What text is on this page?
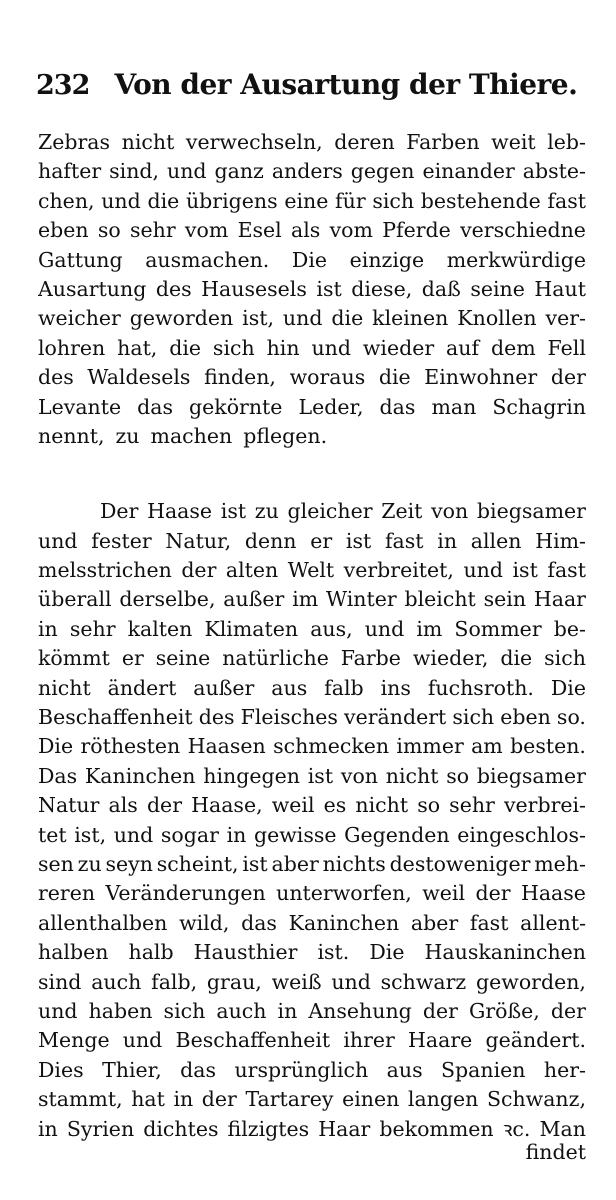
232 Von der Ausartung der Thiere.
Zebras nicht verwechseln, deren Farben weit leb-
hafter sind, und ganz anders gegen einander abste-
chen, und die übrigens eine für sich bestehende fast
eben so sehr vom Esel als vom Pferde verschiedne
Gattung ausmachen. Die einzige merkwürdige
Ausartung des Hausesels ist diese, daß seine Haut
weicher geworden ist, und die kleinen Knollen ver-
lohren hat, die sich hin und wieder auf dem Fell
des Waldesels finden, woraus die Einwohner der
Levante das gekörnte Leder, das man Schagrin
nennt, zu machen pflegen.
Der Haase ist zu gleicher Zeit von biegsamer
und fester Natur, denn er ist fast in allen Him-
melsstrichen der alten Welt verbreitet, und ist fast
überall derselbe, außer im Winter bleicht sein Haar
in sehr kalten Klimaten aus, und im Sommer be-
kömmt er seine natürliche Farbe wieder, die sich
nicht ändert außer aus falb ins fuchsroth. Die
Beschaffenheit des Fleisches verändert sich eben so.
Die röthesten Haasen schmecken immer am besten.
Das Kaninchen hingegen ist von nicht so biegsamer
Natur als der Haase, weil es nicht so sehr verbrei-
tet ist, und sogar in gewisse Gegenden eingeschlos-
sen zu seyn scheint, ist aber nichts destoweniger meh-
reren Veränderungen unterworfen, weil der Haase
allenthalben wild, das Kaninchen aber fast allent-
halben halb Hausthier ist. Die Hauskaninchen
sind auch falb, grau, weiß und schwarz geworden,
und haben sich auch in Ansehung der Größe, der
Menge und Beschaffenheit ihrer Haare geändert.
Dies Thier, das ursprünglich aus Spanien her-
stammt, hat in der Tartarey einen langen Schwanz,
in Syrien dichtes filzigtes Haar bekommen ꝛc. Man
findet
